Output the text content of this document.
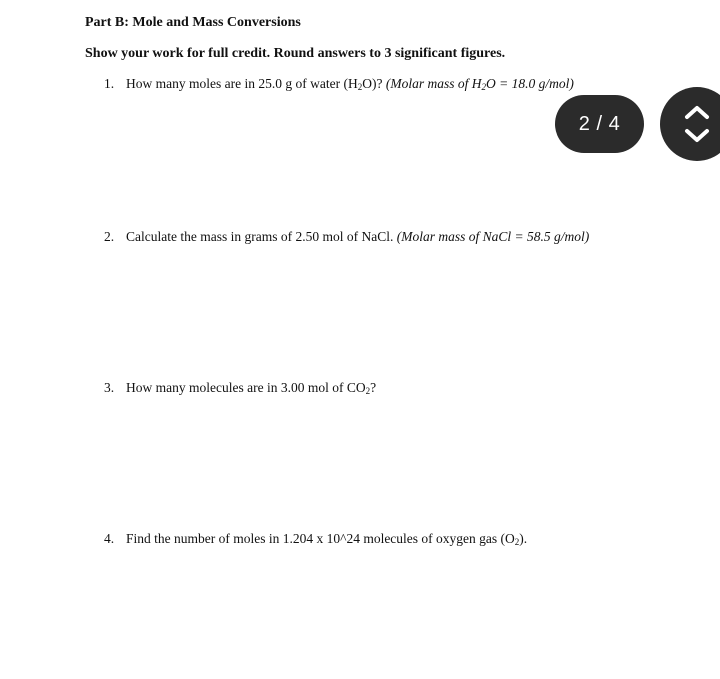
Part B: Mole and Mass Conversions
Show your work for full credit. Round answers to 3 significant figures.
1. How many moles are in 25.0 g of water $(H_2O)$? (Molar mass of $H_2O = 18.0$ g/mol)
2. Calculate the mass in grams of 2.50 mol of NaCl. (Molar mass of NaCl = 58.5 g/mol)
3. How many molecules are in 3.00 mol of $CO_2$?
4. Find the number of moles in 1.204 x 10^24 molecules of oxygen gas $(O_2)$.
2 / 4
